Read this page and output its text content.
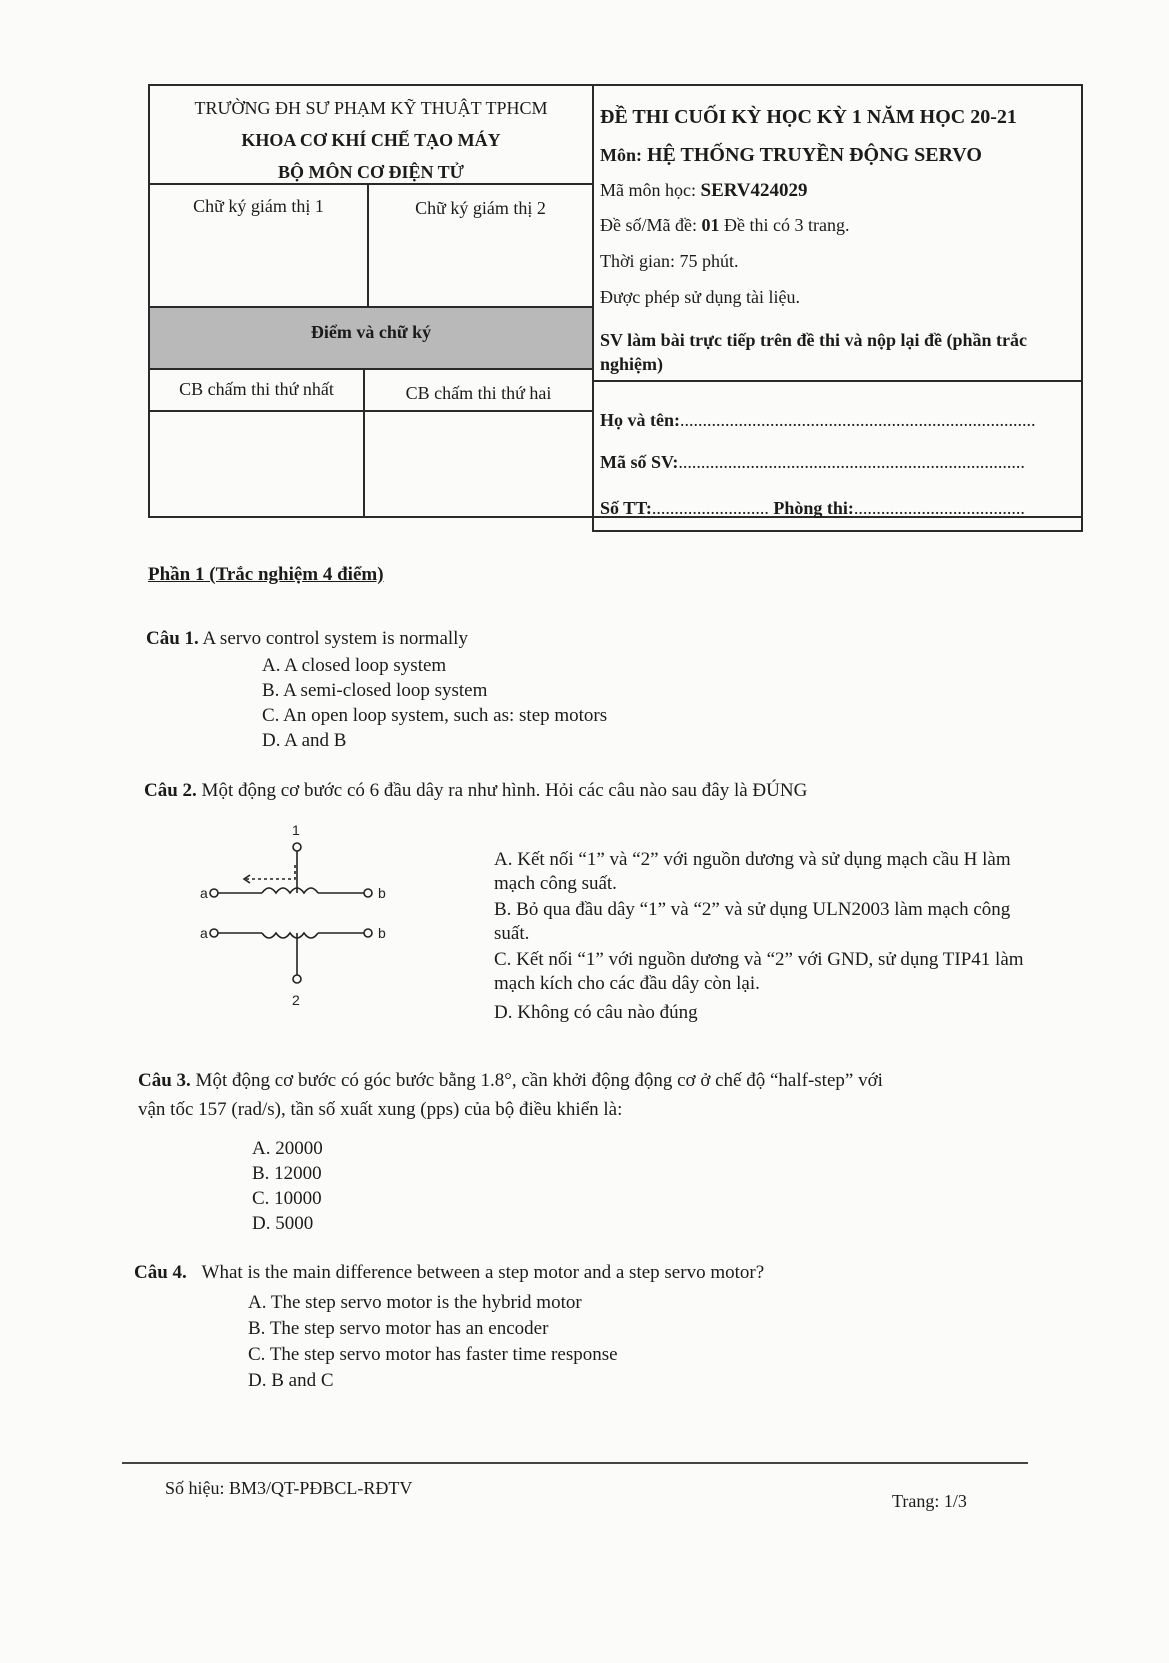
TRƯỜNG ĐH SƯ PHẠM KỸ THUẬT TPHCM
KHOA CƠ KHÍ CHẾ TẠO MÁY
BỘ MÔN CƠ ĐIỆN TỬ
Chữ ký giám thị 1	Chữ ký giám thị 2
Điểm và chữ ký
CB chấm thi thứ nhất	CB chấm thi thứ hai
ĐỀ THI CUỐI KỲ HỌC KỲ 1 NĂM HỌC 20-21
Môn: HỆ THỐNG TRUYỀN ĐỘNG SERVO
Mã môn học: SERV424029
Đề số/Mã đề: 01 Đề thi có 3 trang.
Thời gian: 75 phút.
Được phép sử dụng tài liệu.
SV làm bài trực tiếp trên đề thi và nộp lại đề (phần trắc nghiệm)
Họ và tên:...............................................................................
Mã số SV:.............................................................................
Số TT:.......................... Phòng thi:......................................
Phần 1 (Trắc nghiệm 4 điểm)
Câu 1. A servo control system is normally
A. A closed loop system
B. A semi-closed loop system
C. An open loop system, such as: step motors
D. A and B
Câu 2. Một động cơ bước có 6 đầu dây ra như hình. Hỏi các câu nào sau đây là ĐÚNG
1
2
a	b
a	b
A. Kết nối “1” và “2” với nguồn dương và sử dụng mạch cầu H làm mạch công suất.
B. Bỏ qua đầu dây “1” và “2” và sử dụng ULN2003 làm mạch công suất.
C. Kết nối “1” với nguồn dương và “2” với GND, sử dụng TIP41 làm mạch kích cho các đầu dây còn lại.
D. Không có câu nào đúng
Câu 3. Một động cơ bước có góc bước bằng 1.8°, cần khởi động động cơ ở chế độ “half-step” với
vận tốc 157 (rad/s), tần số xuất xung (pps) của bộ điều khiển là:
A. 20000
B. 12000
C. 10000
D. 5000
Câu 4. What is the main difference between a step motor and a step servo motor?
A. The step servo motor is the hybrid motor
B. The step servo motor has an encoder
C. The step servo motor has faster time response
D. B and C
Số hiệu: BM3/QT-PĐBCL-RĐTV
Trang: 1/3
